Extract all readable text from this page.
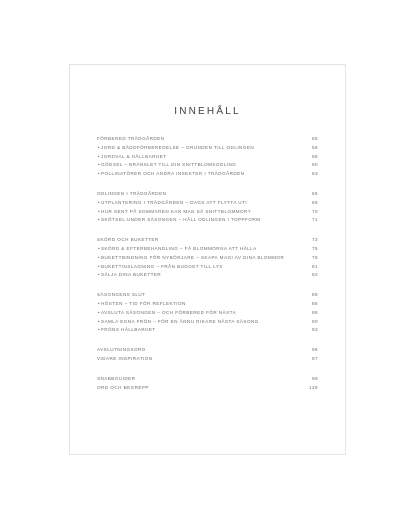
INNEHÅLL
FÖRBERED TRÄDGÅRDEN	55
• JORD & BÄDDFÖRBEREDELSE – GRUNDEN TILL ODLINGEN	56
• JORDVAL & HÅLLBARHET	58
• GÖDSEL – BRÄNSLET TILL DIN SNITTBLOMSODLING	60
• POLLINATÖRER OCH ANDRA INSEKTER I TRÄDGÅRDEN	63
ODLINGEN I TRÄDGÅRDEN	65
• UTPLANTERING I TRÄDGÅRDEN – DAGS ATT FLYTTA UT!	66
• HUR SENT PÅ SOMMAREN KAN MAN SÅ SNITTBLOMMOR?	70
• SKÖTSEL UNDER SÄSONGEN – HÅLL ODLINGEN I TOPPFORM	71
SKÖRD OCH BUKETTER	73
• SKÖRD & EFTERBEHANDLING – FÅ BLOMMORNA ATT HÅLLA	75
• BUKETTBINDNING FÖR NYBÖRJARE – SKAPA MAGI AV DINA BLOMMOR	76
• BUKETTINSLAGNING – FRÅN BUDGET TILL LYX	81
• SÄLJA DINA BUKETTER	82
SÄSONGENS SLUT	85
• HÖSTEN – TID FÖR REFLEKTION	86
• AVSLUTA SÄSONGEN – OCH FÖRBERED FÖR NÄSTA	88
• SAMLA EGNA FRÖN – FÖR EN ÄNNU RIKARE NÄSTA SÄSONG	90
• FRÖNS HÅLLBARHET	93
AVSLUTNINGSORD	96
VIDARE INSPIRATION	97
SNABBGUIDER	99
ORD OCH BEGREPP	128
